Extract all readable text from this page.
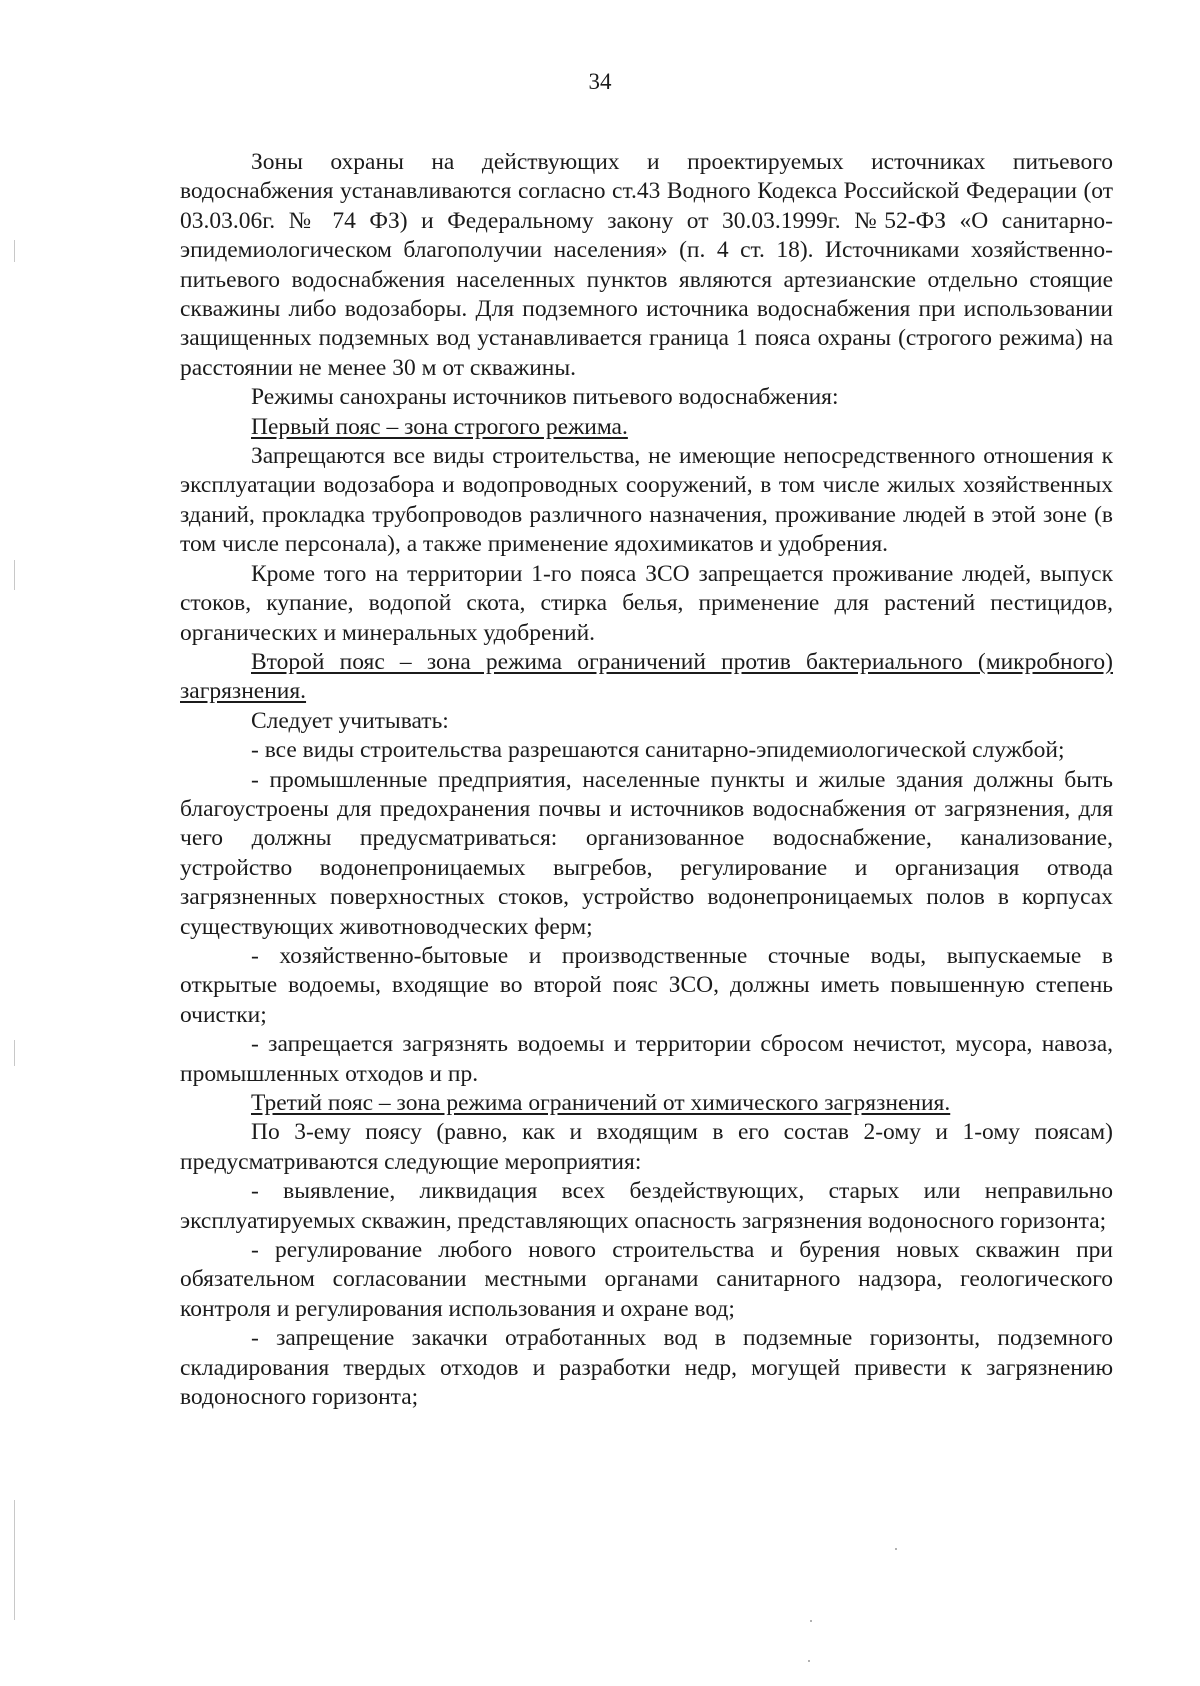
34

Зоны охраны на действующих и проектируемых источниках питьевого водоснабжения устанавливаются согласно ст.43 Водного Кодекса Российской Федерации (от 03.03.06г. № 74 ФЗ) и Федеральному закону от 30.03.1999г. №52-ФЗ «О санитарно-эпидемиологическом благополучии населения» (п. 4 ст. 18). Источниками хозяйственно-питьевого водоснабжения населенных пунктов являются артезианские отдельно стоящие скважины либо водозаборы. Для подземного источника водоснабжения при использовании защищенных подземных вод устанавливается граница 1 пояса охраны (строгого режима) на расстоянии не менее 30 м от скважины.

Режимы санохраны источников питьевого водоснабжения:

Первый пояс – зона строгого режима.

Запрещаются все виды строительства, не имеющие непосредственного отношения к эксплуатации водозабора и водопроводных сооружений, в том числе жилых хозяйственных зданий, прокладка трубопроводов различного назначения, проживание людей в этой зоне (в том числе персонала), а также применение ядохимикатов и удобрения.

Кроме того на территории 1-го пояса ЗСО запрещается проживание людей, выпуск стоков, купание, водопой скота, стирка белья, применение для растений пестицидов, органических и минеральных удобрений.

Второй пояс – зона режима ограничений против бактериального (микробного) загрязнения.

Следует учитывать:

- все виды строительства разрешаются санитарно-эпидемиологической службой;

- промышленные предприятия, населенные пункты и жилые здания должны быть благоустроены для предохранения почвы и источников водоснабжения от загрязнения, для чего должны предусматриваться: организованное водоснабжение, канализование, устройство водонепроницаемых выгребов, регулирование и организация отвода загрязненных поверхностных стоков, устройство водонепроницаемых полов в корпусах существующих животноводческих ферм;

- хозяйственно-бытовые и производственные сточные воды, выпускаемые в открытые водоемы, входящие во второй пояс ЗСО, должны иметь повышенную степень очистки;

- запрещается загрязнять водоемы и территории сбросом нечистот, мусора, навоза, промышленных отходов и пр.

Третий пояс – зона режима ограничений от химического загрязнения.

По 3-ему поясу (равно, как и входящим в его состав 2-ому и 1-ому поясам) предусматриваются следующие мероприятия:

- выявление, ликвидация всех бездействующих, старых или неправильно эксплуатируемых скважин, представляющих опасность загрязнения водоносного горизонта;

- регулирование любого нового строительства и бурения новых скважин при обязательном согласовании местными органами санитарного надзора, геологического контроля и регулирования использования и охране вод;

- запрещение закачки отработанных вод в подземные горизонты, подземного складирования твердых отходов и разработки недр, могущей привести к загрязнению водоносного горизонта;
